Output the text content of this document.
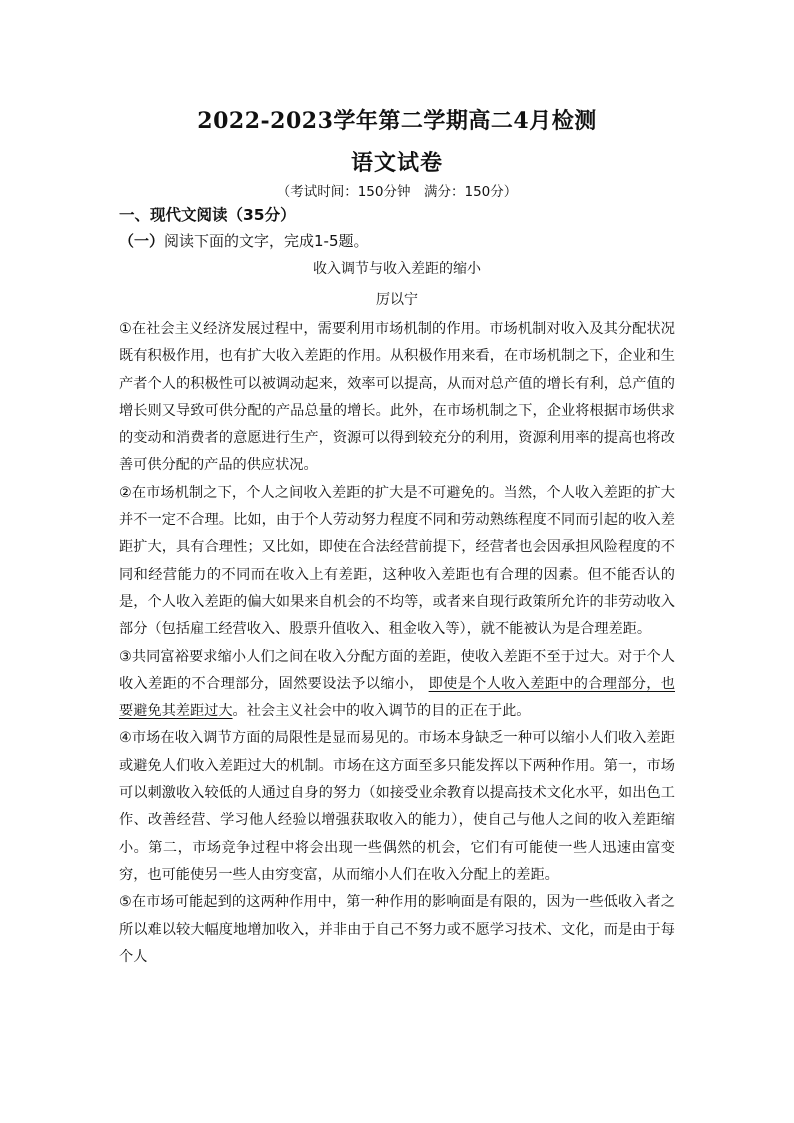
2022-2023学年第二学期高二4月检测
语文试卷
（考试时间：150分钟　满分：150分）
一、现代文阅读（35分）
（一）阅读下面的文字，完成1-5题。
收入调节与收入差距的缩小
厉以宁

①在社会主义经济发展过程中，需要利用市场机制的作用。市场机制对收入及其分配状况既有积极作用，也有扩大收入差距的作用。从积极作用来看，在市场机制之下，企业和生产者个人的积极性可以被调动起来，效率可以提高，从而对总产值的增长有利，总产值的增长则又导致可供分配的产品总量的增长。此外，在市场机制之下，企业将根据市场供求的变动和消费者的意愿进行生产，资源可以得到较充分的利用，资源利用率的提高也将改善可供分配的产品的供应状况。

②在市场机制之下，个人之间收入差距的扩大是不可避免的。当然，个人收入差距的扩大并不一定不合理。比如，由于个人劳动努力程度不同和劳动熟练程度不同而引起的收入差距扩大，具有合理性；又比如，即使在合法经营前提下，经营者也会因承担风险程度的不同和经营能力的不同而在收入上有差距，这种收入差距也有合理的因素。但不能否认的是，个人收入差距的偏大如果来自机会的不均等，或者来自现行政策所允许的非劳动收入部分（包括雇工经营收入、股票升值收入、租金收入等），就不能被认为是合理差距。

③共同富裕要求缩小人们之间在收入分配方面的差距，使收入差距不至于过大。对于个人收入差距的不合理部分，固然要设法予以缩小， 即使是个人收入差距中的合理部分，也要避免其差距过大。社会主义社会中的收入调节的目的正在于此。

④市场在收入调节方面的局限性是显而易见的。市场本身缺乏一种可以缩小人们收入差距或避免人们收入差距过大的机制。市场在这方面至多只能发挥以下两种作用。第一，市场可以刺激收入较低的人通过自身的努力（如接受业余教育以提高技术文化水平，如出色工作、改善经营、学习他人经验以增强获取收入的能力），使自己与他人之间的收入差距缩小。第二，市场竞争过程中将会出现一些偶然的机会，它们有可能使一些人迅速由富变穷，也可能使另一些人由穷变富，从而缩小人们在收入分配上的差距。

⑤在市场可能起到的这两种作用中，第一种作用的影响面是有限的，因为一些低收入者之所以难以较大幅度地增加收入，并非由于自己不努力或不愿学习技术、文化，而是由于每个人
